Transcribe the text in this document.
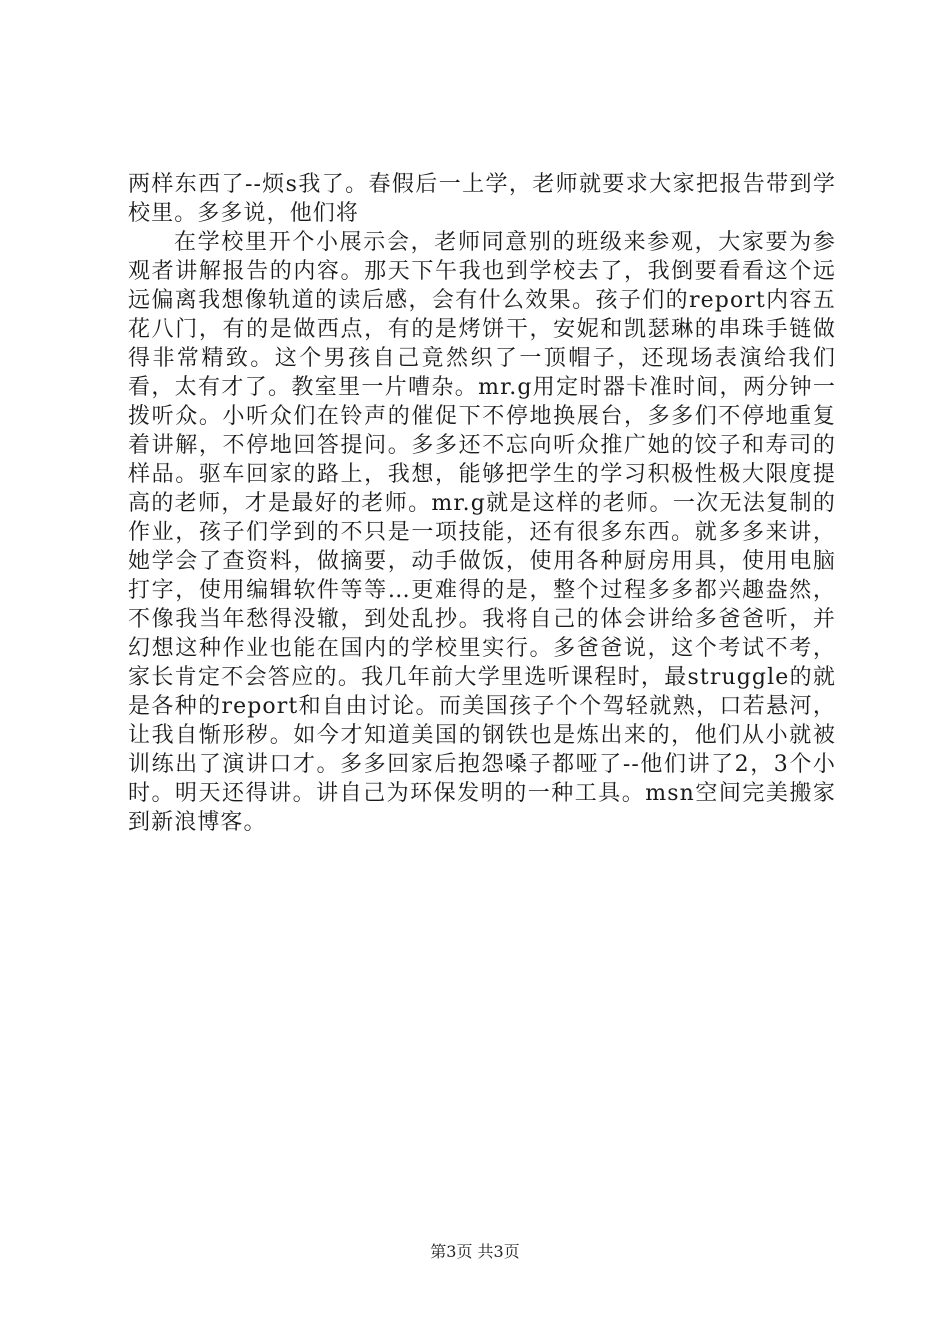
两样东西了--烦s我了。春假后一上学，老师就要求大家把报告带到学校里。多多说，他们将

在学校里开个小展示会，老师同意别的班级来参观，大家要为参观者讲解报告的内容。那天下午我也到学校去了，我倒要看看这个远远偏离我想像轨道的读后感，会有什么效果。孩子们的report内容五花八门，有的是做西点，有的是烤饼干，安妮和凯瑟琳的串珠手链做得非常精致。这个男孩自己竟然织了一顶帽子，还现场表演给我们看，太有才了。教室里一片嘈杂。mr.g用定时器卡准时间，两分钟一拨听众。小听众们在铃声的催促下不停地换展台，多多们不停地重复着讲解，不停地回答提问。多多还不忘向听众推广她的饺子和寿司的样品。驱车回家的路上，我想，能够把学生的学习积极性极大限度提高的老师，才是最好的老师。mr.g就是这样的老师。一次无法复制的作业，孩子们学到的不只是一项技能，还有很多东西。就多多来讲，她学会了查资料，做摘要，动手做饭，使用各种厨房用具，使用电脑打字，使用编辑软件等等…更难得的是，整个过程多多都兴趣盎然，不像我当年愁得没辙，到处乱抄。我将自己的体会讲给多爸爸听，并幻想这种作业也能在国内的学校里实行。多爸爸说，这个考试不考，家长肯定不会答应的。我几年前大学里选听课程时，最struggle的就是各种的report和自由讨论。而美国孩子个个驾轻就熟，口若悬河，让我自惭形秽。如今才知道美国的钢铁也是炼出来的，他们从小就被训练出了演讲口才。多多回家后抱怨嗓子都哑了--他们讲了2，3个小时。明天还得讲。讲自己为环保发明的一种工具。msn空间完美搬家到新浪博客。

第3页 共3页
